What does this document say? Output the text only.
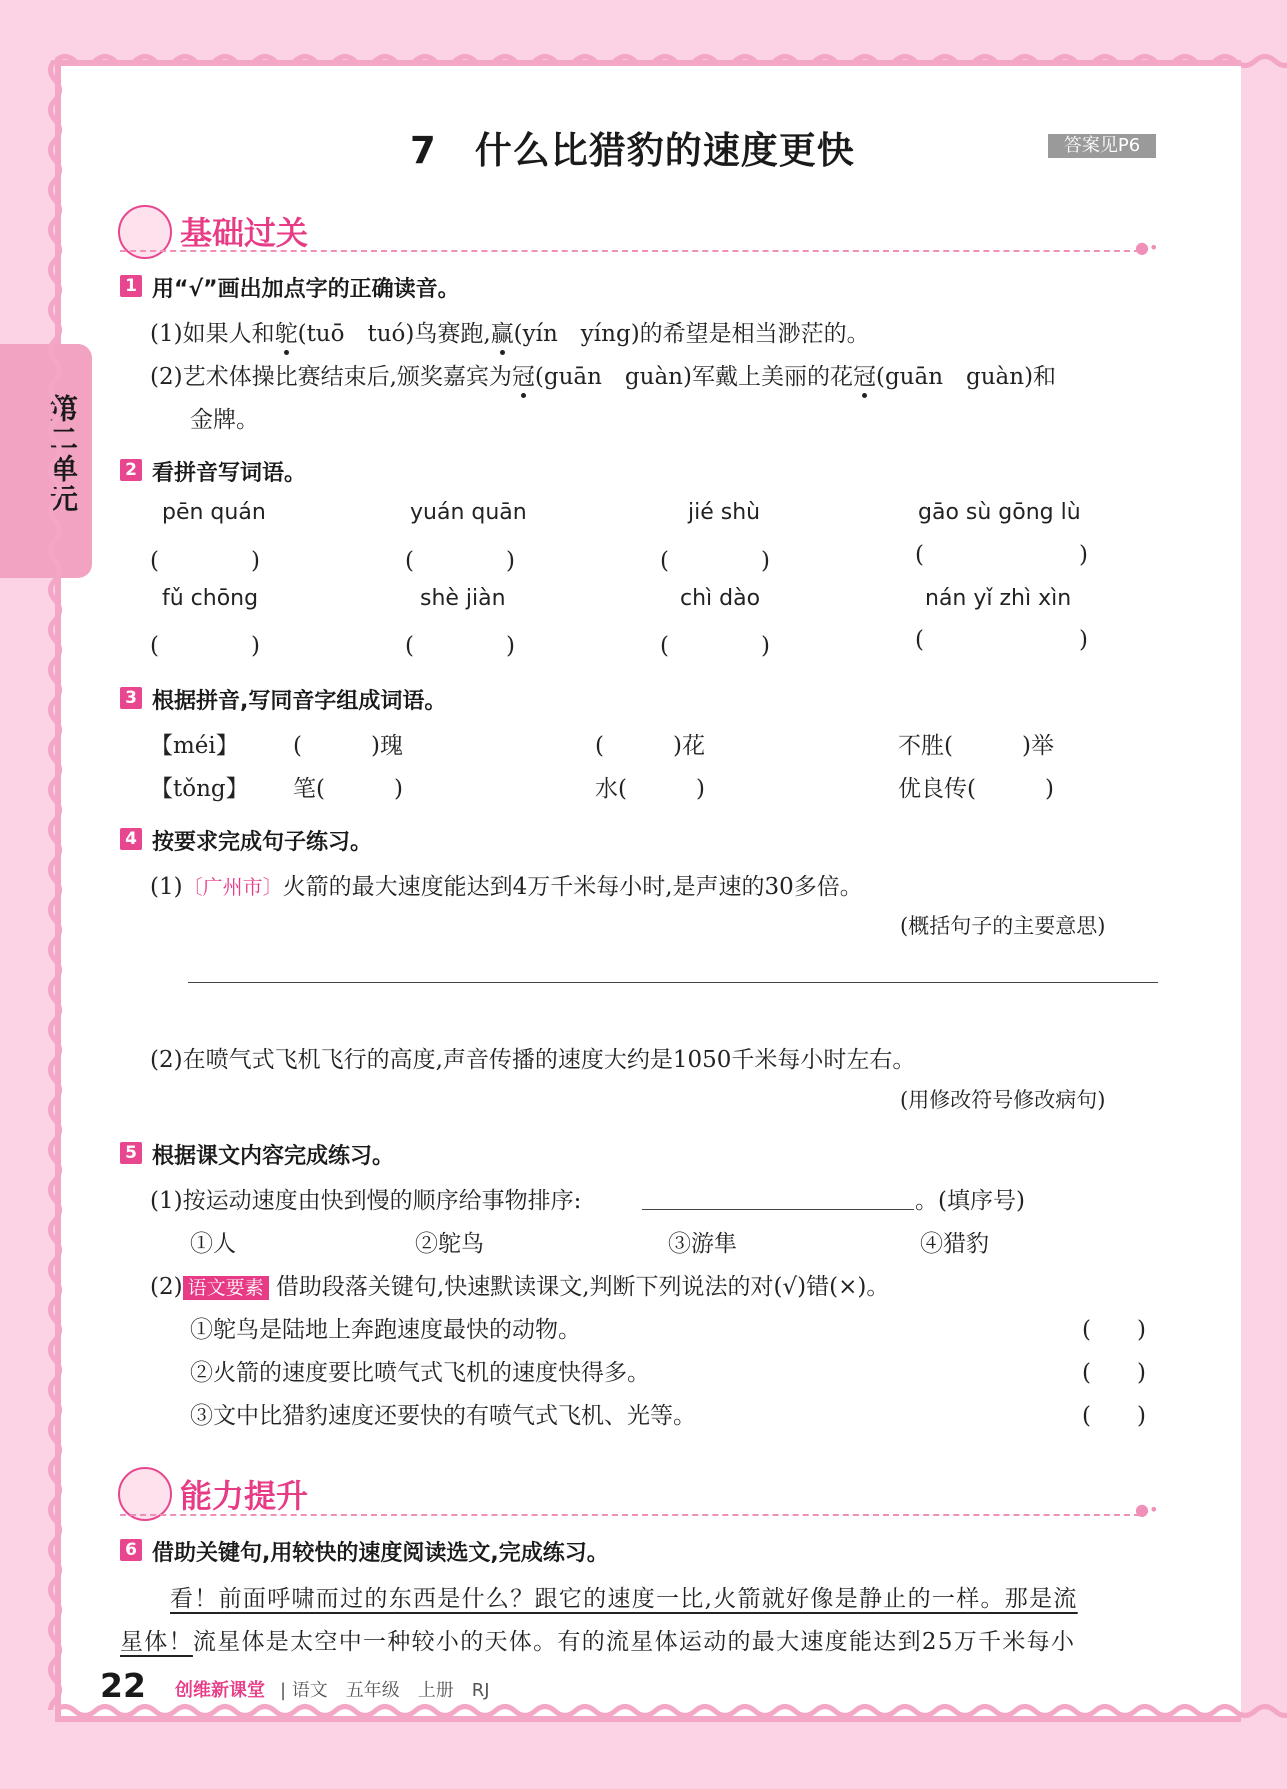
第二单元
7　什么比猎豹的速度更快	答案见P6
基础过关	●•
1 用“√”画出加点字的正确读音。
(1)如果人和鸵(tuō　tuó)鸟赛跑,赢(yín　yíng)的希望是相当渺茫的。
(2)艺术体操比赛结束后,颁奖嘉宾为冠(guān　guàn)军戴上美丽的花冠(guān　guàn)和
金牌。
2 看拼音写词语。
pēn quán	yuán quān	jié shù	gāo sù gōng lù
(　　　　)	(　　　　)	(　　　　)	(	)
fǔ chōng	shè jiàn	chì dào	nán yǐ zhì xìn
(　　　　)	(　　　　)	(　　　　)	(	)
3 根据拼音,写同音字组成词语。
【méi】 (　　　)瑰	(　　　)花	不胜(　　　)举
【tǒng】 笔(　　　)	水(　　　)	优良传(　　　)
4 按要求完成句子练习。
(1)〔广州市〕火箭的最大速度能达到4万千米每小时,是声速的30多倍。
(概括句子的主要意思)
(2)在喷气式飞机飞行的高度,声音传播的速度大约是1050千米每小时左右。
(用修改符号修改病句)
5 根据课文内容完成练习。
(1)按运动速度由快到慢的顺序给事物排序:	。(填序号)
①人	②鸵鸟	③游隼	④猎豹
(2) 语文要素 借助段落关键句,快速默读课文,判断下列说法的对(√)错(×)。
①鸵鸟是陆地上奔跑速度最快的动物。	(　　)
②火箭的速度要比喷气式飞机的速度快得多。	(　　)
③文中比猎豹速度还要快的有喷气式飞机、光等。	(　　)
能力提升	●•
6 借助关键句,用较快的速度阅读选文,完成练习。
看！前面呼啸而过的东西是什么？跟它的速度一比,火箭就好像是静止的一样。那是流
星体！流星体是太空中一种较小的天体。有的流星体运动的最大速度能达到25万千米每小
22 创维新课堂 | 语文　五年级　上册　RJ
